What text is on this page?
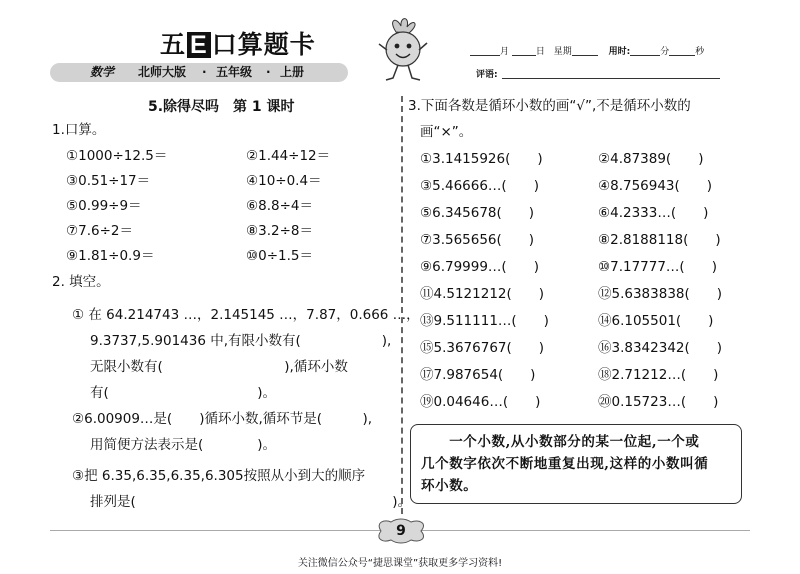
五 E 口算题卡
数学 北师大版 · 五年级 · 上册
月	日 星期	用时:	分	秒
评语:
5.除得尽吗　第 1 课时
1.口算。
①1000÷12.5＝	②1.44÷12＝
③0.51÷17＝	④10÷0.4＝
⑤0.99÷9＝	⑥8.8÷4＝
⑦7.6÷2＝	⑧3.2÷8＝
⑨1.81÷0.9＝	⑩0÷1.5＝
2. 填空。
① 在 64.214743 …，2.145145 …，7.87，0.666 …，
9.3737,5.901436 中,有限小数有(　　　　　　),
无限小数有(　　　　　　　　　),循环小数
有(　　　　　　　　　　　)。
②6.00909…是(　　)循环小数,循环节是(　　　),
用简便方法表示是(　　　　)。
③把 6.35,6.35,6.35,6.305按照从小到大的顺序
排列是(　　　　　　　　　　　　　　　　　　　)。
3.下面各数是循环小数的画“√”,不是循环小数的
画“×”。
①3.1415926(　　)	②4.87389(　　)
③5.46666…(　　)	④8.756943(　　)
⑤6.345678(　　)	⑥4.2333…(　　)
⑦3.565656(　　)	⑧2.8188118(　　)
⑨6.79999…(　　)	⑩7.17777…(　　)
⑪4.5121212(　　)	⑫5.6383838(　　)
⑬9.511111…(　　)	⑭6.105501(　　)
⑮5.3676767(　　)	⑯3.8342342(　　)
⑰7.987654(　　)	⑱2.71212…(　　)
⑲0.04646…(　　)	⑳0.15723…(　　)
　　一个小数,从小数部分的某一位起,一个或
几个数字依次不断地重复出现,这样的小数叫循
环小数。
9
关注微信公众号“捷思课堂”获取更多学习资料!
